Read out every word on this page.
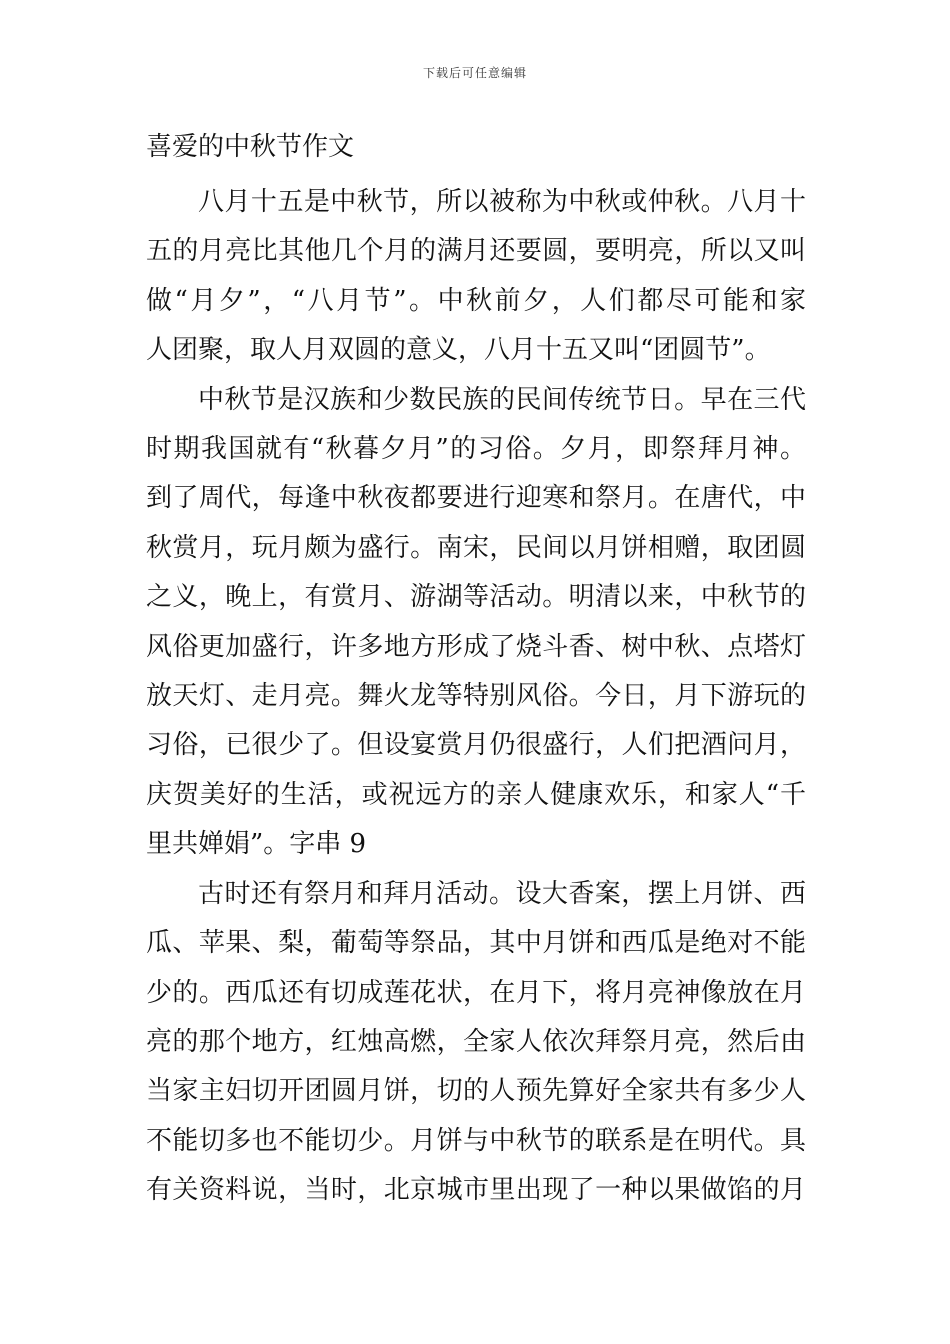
下载后可任意编辑
喜爱的中秋节作文
八月十五是中秋节，所以被称为中秋或仲秋。八月十
五的月亮比其他几个月的满月还要圆，要明亮，所以又叫
做“月夕”，“八月节”。中秋前夕，人们都尽可能和家
人团聚，取人月双圆的意义，八月十五又叫“团圆节”。
中秋节是汉族和少数民族的民间传统节日。早在三代
时期我国就有“秋暮夕月”的习俗。夕月，即祭拜月神。
到了周代，每逢中秋夜都要进行迎寒和祭月。在唐代，中
秋赏月，玩月颇为盛行。南宋，民间以月饼相赠，取团圆
之义，晚上，有赏月、游湖等活动。明清以来，中秋节的
风俗更加盛行，许多地方形成了烧斗香、树中秋、点塔灯
放天灯、走月亮。舞火龙等特别风俗。今日，月下游玩的
习俗，已很少了。但设宴赏月仍很盛行，人们把酒问月，
庆贺美好的生活，或祝远方的亲人健康欢乐，和家人“千
里共婵娟”。字串 9
古时还有祭月和拜月活动。设大香案，摆上月饼、西
瓜、苹果、梨，葡萄等祭品，其中月饼和西瓜是绝对不能
少的。西瓜还有切成莲花状，在月下，将月亮神像放在月
亮的那个地方，红烛高燃，全家人依次拜祭月亮，然后由
当家主妇切开团圆月饼，切的人预先算好全家共有多少人
不能切多也不能切少。月饼与中秋节的联系是在明代。具
有关资料说，当时，北京城市里出现了一种以果做馅的月
